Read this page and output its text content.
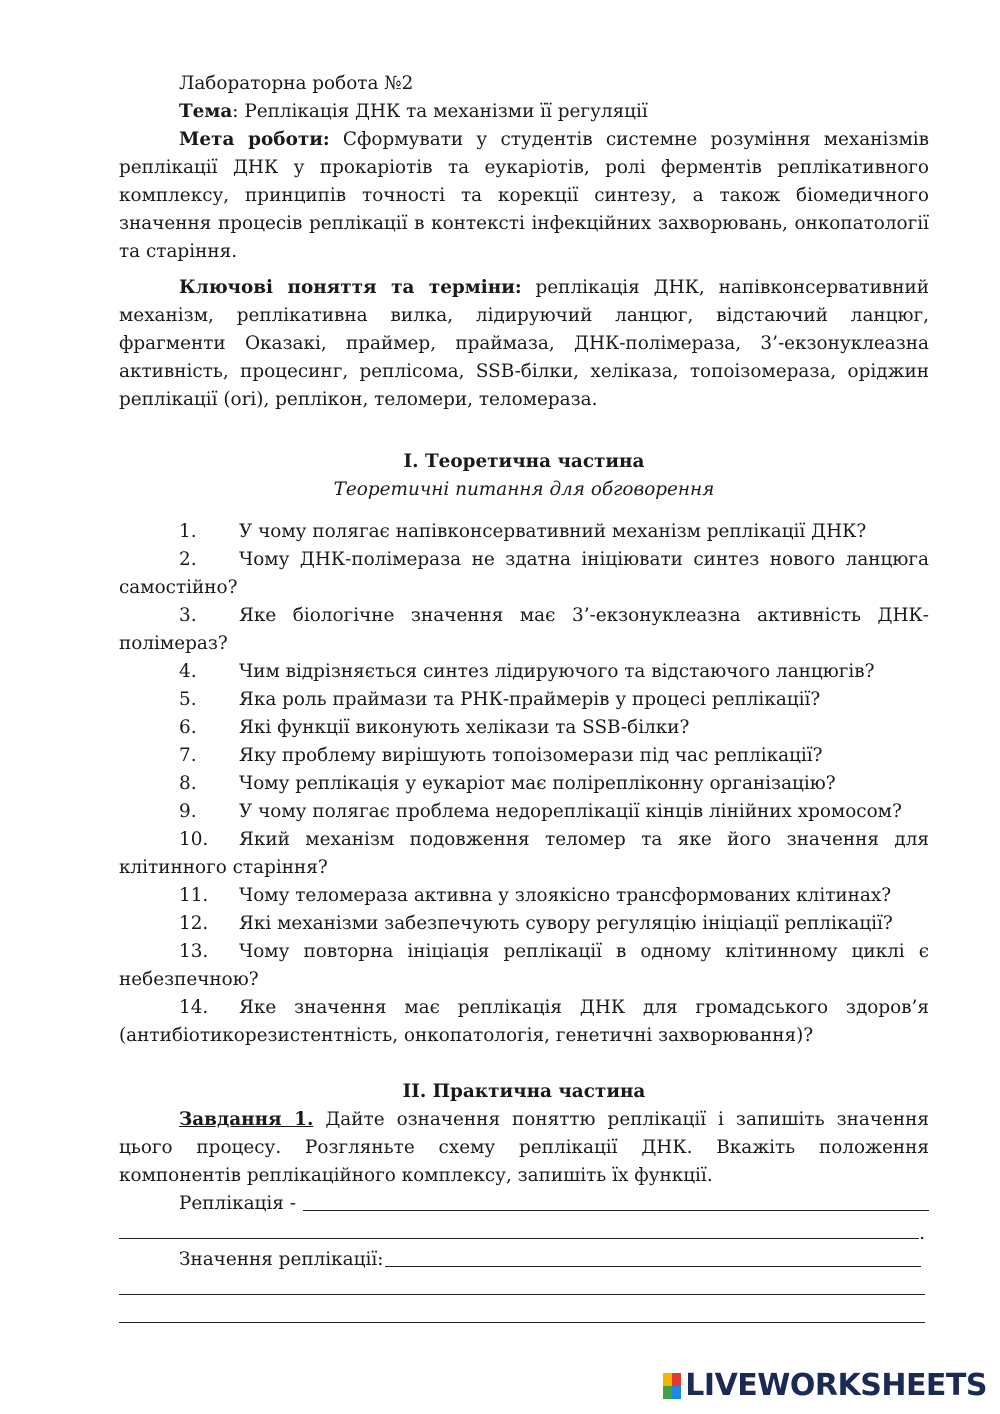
Лабораторна робота №2

Тема: Реплікація ДНК та механізми її регуляції

Мета роботи: Сформувати у студентів системне розуміння механізмів реплікації ДНК у прокаріотів та еукаріотів, ролі ферментів реплікативного комплексу, принципів точності та корекції синтезу, а також біомедичного значення процесів реплікації в контексті інфекційних захворювань, онкопатології та старіння.

Ключові поняття та терміни: реплікація ДНК, напівконсервативний механізм, реплікативна вилка, лідируючий ланцюг, відстаючий ланцюг, фрагменти Оказакі, праймер, праймаза, ДНК-полімераза, 3’-екзонуклеазна активність, процесинг, реплісома, SSB-білки, хеліказа, топоізомераза, оріджин реплікації (ori), реплікон, теломери, теломераза.

І. Теоретична частина

Теоретичні питання для обговорення

1. У чому полягає напівконсервативний механізм реплікації ДНК?

2. Чому ДНК-полімераза не здатна ініціювати синтез нового ланцюга самостійно?

3. Яке біологічне значення має 3’-екзонуклеазна активність ДНК-полімераз?

4. Чим відрізняється синтез лідируючого та відстаючого ланцюгів?

5. Яка роль праймази та РНК-праймерів у процесі реплікації?

6. Які функції виконують хелікази та SSB-білки?

7. Яку проблему вирішують топоізомерази під час реплікації?

8. Чому реплікація у еукаріот має полірепліконну організацію?

9. У чому полягає проблема недореплікації кінців лінійних хромосом?

10. Який механізм подовження теломер та яке його значення для клітинного старіння?

11. Чому теломераза активна у злоякісно трансформованих клітинах?

12. Які механізми забезпечують сувору регуляцію ініціації реплікації?

13. Чому повторна ініціація реплікації в одному клітинному циклі є небезпечною?

14. Яке значення має реплікація ДНК для громадського здоров’я (антибіотикорезистентність, онкопатологія, генетичні захворювання)?

ІІ. Практична частина

Завдання 1. Дайте означення поняттю реплікації і запишіть значення цього процесу. Розгляньте схему реплікації ДНК. Вкажіть положення компонентів реплікаційного комплексу, запишіть їх функції.

Реплікація -
.
Значення реплікації:
LIVEWORKSHEETS
